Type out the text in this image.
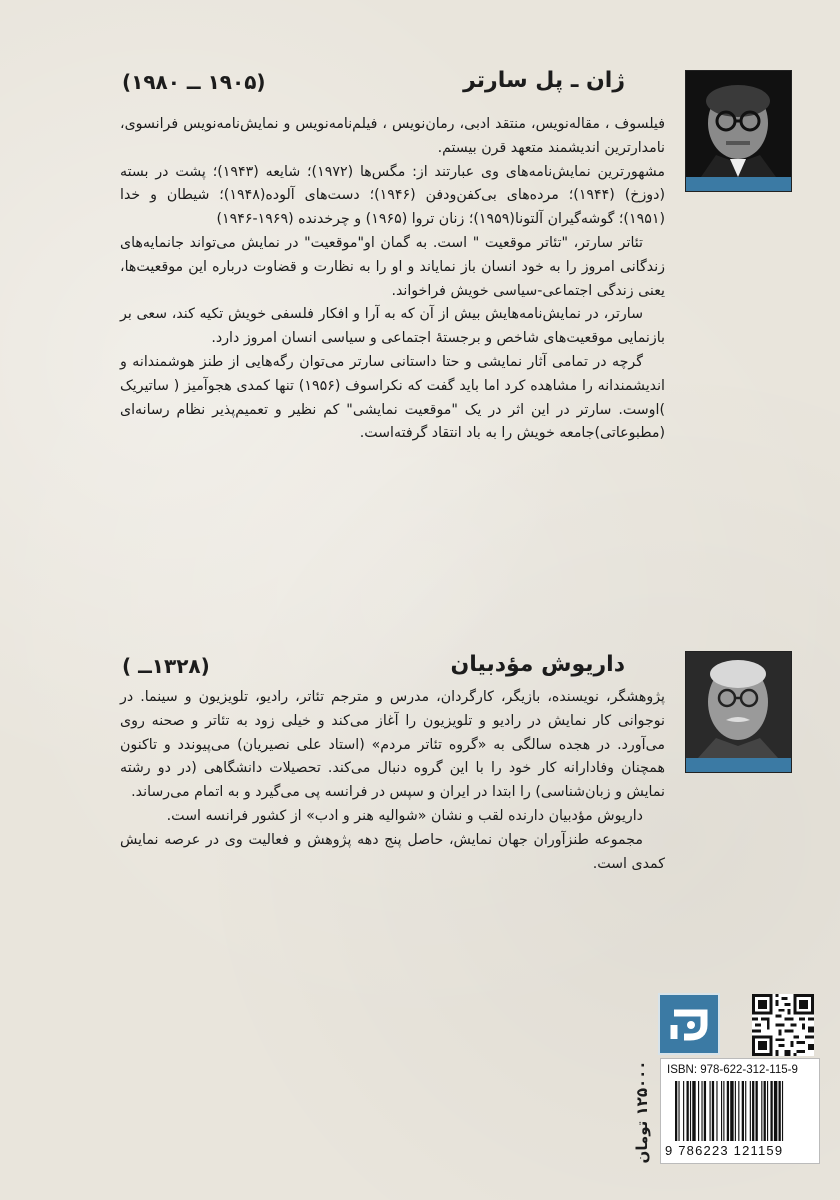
ژان ـ پل سارتر
(۱۹۰۵ ــ ۱۹۸۰)

فیلسوف ، مقاله‌نویس، منتقد ادبی، رمان‌نویس ، فیلم‌نامه‌نویس و نمایش‌نامه‌نویس فرانسوی، نامدارترین اندیشمند متعهد قرن بیستم.

مشهورترین نمایش‌نامه‌های وی عبارتند از: مگس‌ها (۱۹۷۲)؛ شایعه (۱۹۴۳)؛ پشت در بسته (دوزخ) (۱۹۴۴)؛ مرده‌های بی‌کفن‌ودفن (۱۹۴۶)؛ دست‌های آلوده(۱۹۴۸)؛ شیطان و خدا (۱۹۵۱)؛ گوشه‌گیران آلتونا(۱۹۵۹)؛ زنان تروا (۱۹۶۵) و چرخدنده (۱۹۶۹-۱۹۴۶)

تئاتر سارتر، "تئاتر موقعیت " است. به گمان او"موقعیت" در نمایش می‌تواند جانمایه‌های زندگانی امروز را به خود انسان باز نمایاند و او را به نظارت و قضاوت درباره این موقعیت‌ها، یعنی زندگی اجتماعی-سیاسی خویش فراخواند.

سارتر، در نمایش‌نامه‌هایش بیش از آن که به آرا و افکار فلسفی خویش تکیه کند، سعی بر بازنمایی موقعیت‌های شاخص و برجستهٔ اجتماعی و سیاسی انسان امروز دارد.

گرچه در تمامی آثار نمایشی و حتا داستانی سارتر می‌توان رگه‌هایی از طنز هوشمندانه و اندیشمندانه را مشاهده کرد اما باید گفت که نکراسوف (۱۹۵۶) تنها کمدی هجوآمیز ( ساتیریک )اوست. سارتر در این اثر در یک "موقعیت نمایشی" کم نظیر و تعمیم‌پذیر نظام رسانه‌ای (مطبوعاتی)جامعه خویش را به باد انتقاد گرفته‌است.

داریوش مؤدبیان
(۱۳۲۸ــ )

پژوهشگر، نویسنده، بازیگر، کارگردان، مدرس و مترجم تئاتر، رادیو، تلویزیون و سینما. در نوجوانی کار نمایش در رادیو و تلویزیون را آغاز می‌کند و خیلی زود به تئاتر و صحنه روی می‌آورد. در هجده سالگی به «گروه تئاتر مردم» (استاد علی نصیریان) می‌پیوندد و تاکنون همچنان وفادارانه کار خود را با این گروه دنبال می‌کند. تحصیلات دانشگاهی (در دو رشته نمایش و زبان‌شناسی) را ابتدا در ایران و سپس در فرانسه پی می‌گیرد و به اتمام می‌رساند.

داریوش مؤدبیان دارنده لقب و نشان «شوالیه هنر و ادب» از کشور فرانسه است.

مجموعه طنزآوران جهان نمایش، حاصل پنج دهه پژوهش و فعالیت وی در عرصه نمایش کمدی است.

۱۲۵۰۰۰ تومان ISBN: 978-622-312-115-9
9 786223 121159
